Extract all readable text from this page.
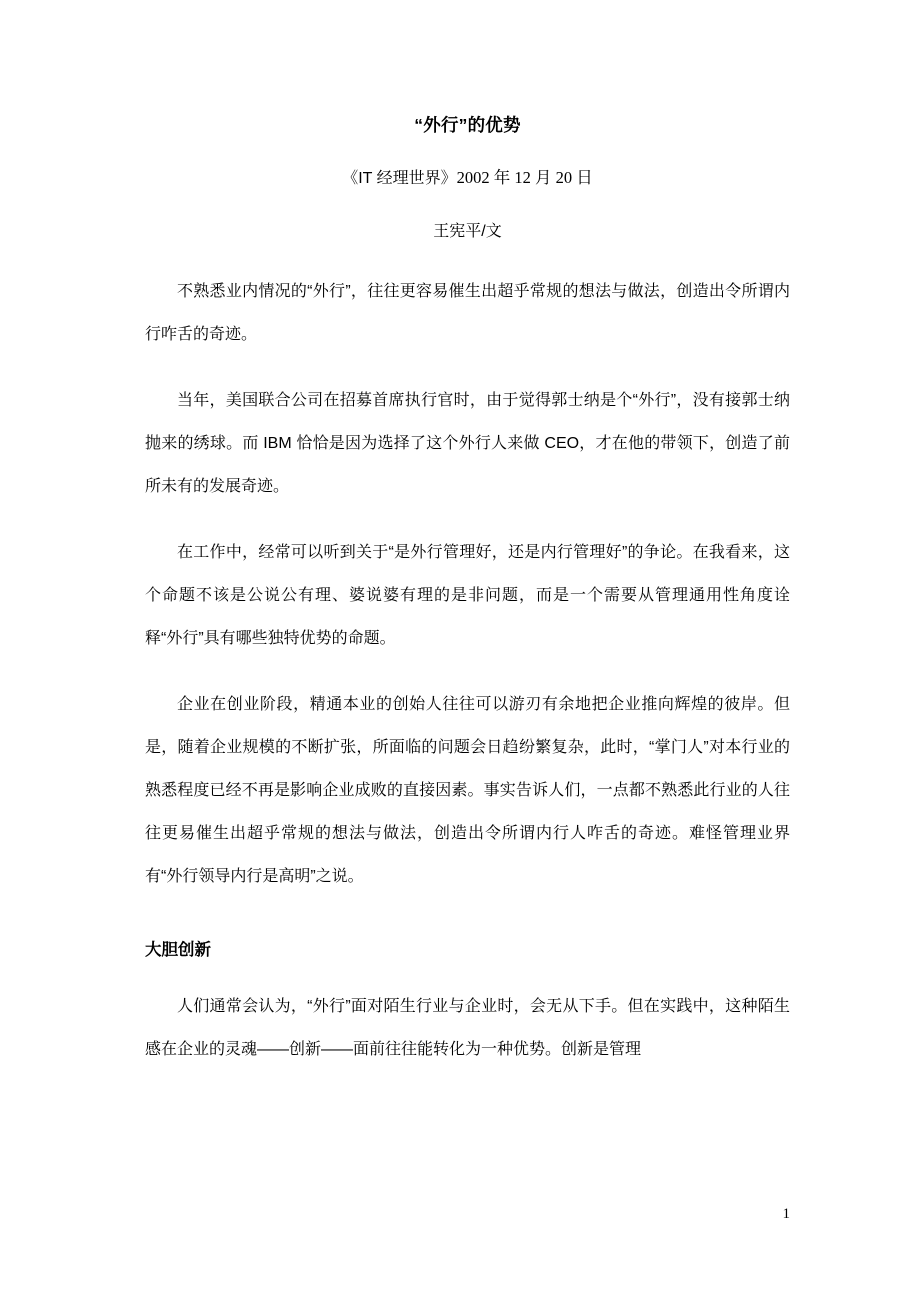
“外行”的优势

《IT 经理世界》2002 年 12 月 20 日

王宪平/文

不熟悉业内情况的“外行”，往往更容易催生出超乎常规的想法与做法，创造出令所谓内行咋舌的奇迹。

当年，美国联合公司在招募首席执行官时，由于觉得郭士纳是个“外行”，没有接郭士纳抛来的绣球。而 IBM 恰恰是因为选择了这个外行人来做 CEO，才在他的带领下，创造了前所未有的发展奇迹。

在工作中，经常可以听到关于“是外行管理好，还是内行管理好”的争论。在我看来，这个命题不该是公说公有理、婆说婆有理的是非问题，而是一个需要从管理通用性角度诠释“外行”具有哪些独特优势的命题。

企业在创业阶段，精通本业的创始人往往可以游刃有余地把企业推向辉煌的彼岸。但是，随着企业规模的不断扩张，所面临的问题会日趋纷繁复杂，此时，“掌门人”对本行业的熟悉程度已经不再是影响企业成败的直接因素。事实告诉人们，一点都不熟悉此行业的人往往更易催生出超乎常规的想法与做法，创造出令所谓内行人咋舌的奇迹。难怪管理业界有“外行领导内行是高明”之说。

大胆创新

人们通常会认为，“外行”面对陌生行业与企业时，会无从下手。但在实践中，这种陌生感在企业的灵魂——创新——面前往往能转化为一种优势。创新是管理

1
